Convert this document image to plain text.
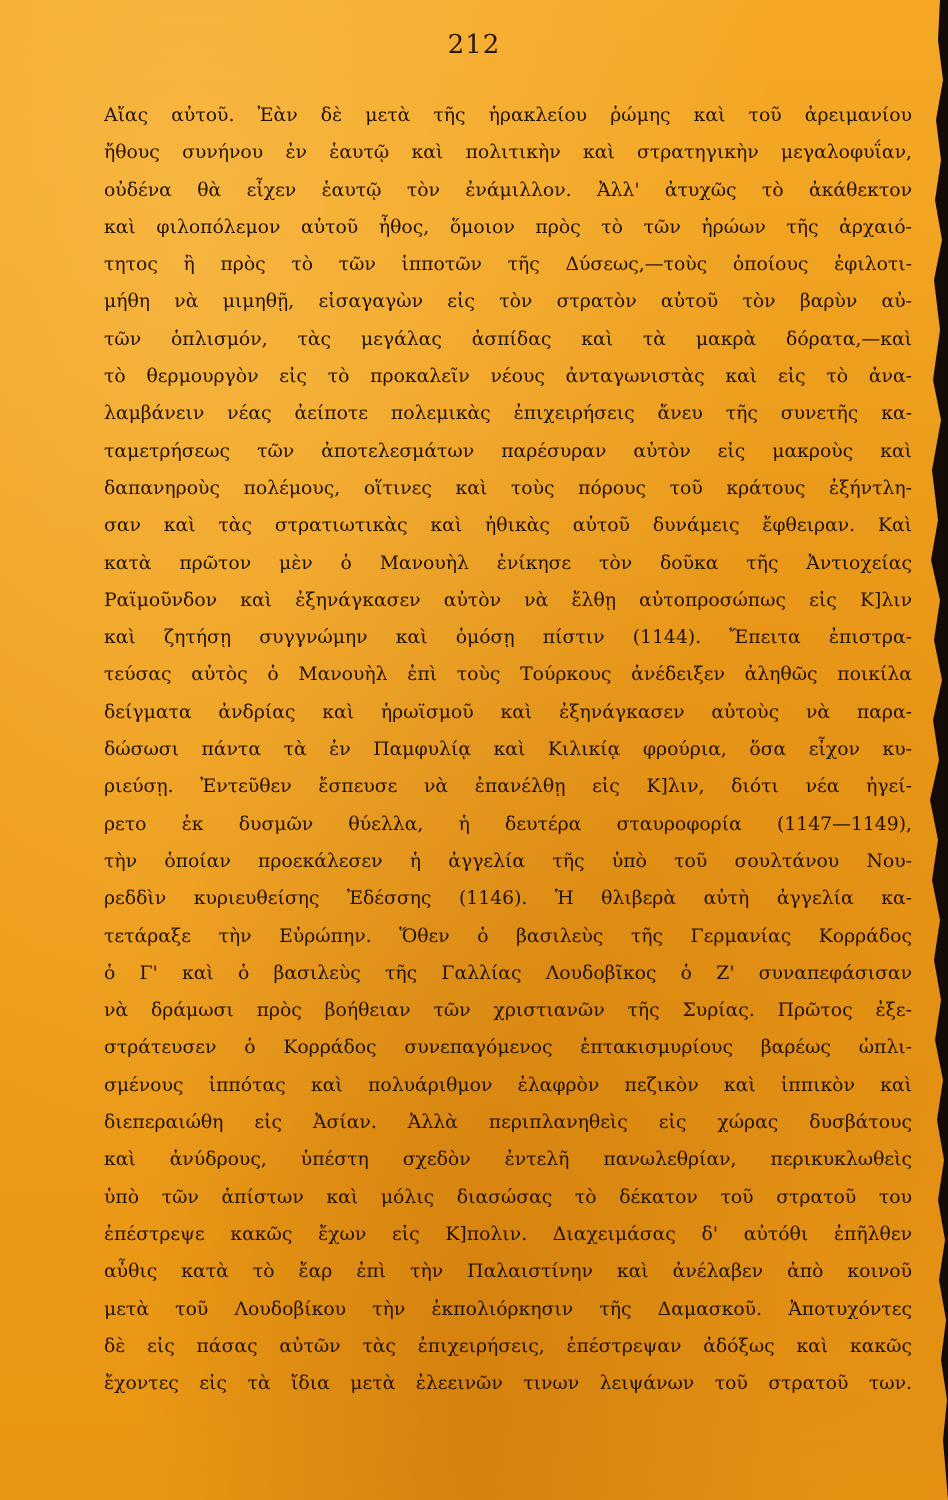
212
Αἴας αὐτοῦ. Ἐὰν δὲ μετὰ τῆς ἡρακλείου ῥώμης καὶ τοῦ ἀρειμανίου
ἤθους συνήνου ἐν ἑαυτῷ καὶ πολιτικὴν καὶ στρατηγικὴν μεγαλοφυΐαν,
οὐδένα θὰ εἶχεν ἑαυτῷ τὸν ἐνάμιλλον. Ἀλλ' ἀτυχῶς τὸ ἀκάθεκτον
καὶ φιλοπόλεμον αὐτοῦ ἦθος, ὅμοιον πρὸς τὸ τῶν ἡρώων τῆς ἀρχαιό-
τητος ἢ πρὸς τὸ τῶν ἱπποτῶν τῆς Δύσεως,—τοὺς ὁποίους ἐφιλοτι-
μήθη νὰ μιμηθῇ, εἰσαγαγὼν εἰς τὸν στρατὸν αὐτοῦ τὸν βαρὺν αὐ-
τῶν ὁπλισμόν, τὰς μεγάλας ἀσπίδας καὶ τὰ μακρὰ δόρατα,—καὶ
τὸ θερμουργὸν εἰς τὸ προκαλεῖν νέους ἀνταγωνιστὰς καὶ εἰς τὸ ἀνα-
λαμβάνειν νέας ἀείποτε πολεμικὰς ἐπιχειρήσεις ἄνευ τῆς συνετῆς κα-
ταμετρήσεως τῶν ἀποτελεσμάτων παρέσυραν αὐτὸν εἰς μακροὺς καὶ
δαπανηροὺς πολέμους, οἵτινες καὶ τοὺς πόρους τοῦ κράτους ἐξήντλη-
σαν καὶ τὰς στρατιωτικὰς καὶ ἠθικὰς αὐτοῦ δυνάμεις ἔφθειραν. Καὶ
κατὰ πρῶτον μὲν ὁ Μανουὴλ ἐνίκησε τὸν δοῦκα τῆς Ἀντιοχείας
Ραϊμοῦνδον καὶ ἐξηνάγκασεν αὐτὸν νὰ ἔλθῃ αὐτοπροσώπως εἰς Κ]λιν
καὶ ζητήσῃ συγγνώμην καὶ ὁμόσῃ πίστιν (1144). Ἔπειτα ἐπιστρα-
τεύσας αὐτὸς ὁ Μανουὴλ ἐπὶ τοὺς Τούρκους ἀνέδειξεν ἀληθῶς ποικίλα
δείγματα ἀνδρίας καὶ ἡρωϊσμοῦ καὶ ἐξηνάγκασεν αὐτοὺς νὰ παρα-
δώσωσι πάντα τὰ ἐν Παμφυλίᾳ καὶ Κιλικίᾳ φρούρια, ὅσα εἶχον κυ-
ριεύσῃ. Ἐντεῦθεν ἔσπευσε νὰ ἐπανέλθῃ εἰς Κ]λιν, διότι νέα ἠγεί-
ρετο ἐκ δυσμῶν θύελλα, ἡ δευτέρα σταυροφορία (1147—1149),
τὴν ὁποίαν προεκάλεσεν ἡ ἀγγελία τῆς ὑπὸ τοῦ σουλτάνου Νου-
ρεδδὶν κυριευθείσης Ἐδέσσης (1146). Ἡ θλιβερὰ αὐτὴ ἀγγελία κα-
τετάραξε τὴν Εὐρώπην. Ὅθεν ὁ βασιλεὺς τῆς Γερμανίας Κορράδος
ὁ Γ' καὶ ὁ βασιλεὺς τῆς Γαλλίας Λουδοβῖκος ὁ Ζ' συναπεφάσισαν
νὰ δράμωσι πρὸς βοήθειαν τῶν χριστιανῶν τῆς Συρίας. Πρῶτος ἐξε-
στράτευσεν ὁ Κορράδος συνεπαγόμενος ἑπτακισμυρίους βαρέως ὡπλι-
σμένους ἱππότας καὶ πολυάριθμον ἐλαφρὸν πεζικὸν καὶ ἱππικὸν καὶ
διεπεραιώθη εἰς Ἀσίαν. Ἀλλὰ περιπλανηθεὶς εἰς χώρας δυσβάτους
καὶ ἀνύδρους, ὑπέστη σχεδὸν ἐντελῆ πανωλεθρίαν, περικυκλωθεὶς
ὑπὸ τῶν ἀπίστων καὶ μόλις διασώσας τὸ δέκατον τοῦ στρατοῦ του
ἐπέστρεψε κακῶς ἔχων εἰς Κ]πολιν. Διαχειμάσας δ' αὐτόθι ἐπῆλθεν
αὖθις κατὰ τὸ ἔαρ ἐπὶ τὴν Παλαιστίνην καὶ ἀνέλαβεν ἀπὸ κοινοῦ
μετὰ τοῦ Λουδοβίκου τὴν ἐκπολιόρκησιν τῆς Δαμασκοῦ. Ἀποτυχόντες
δὲ εἰς πάσας αὐτῶν τὰς ἐπιχειρήσεις, ἐπέστρεψαν ἀδόξως καὶ κακῶς
ἔχοντες εἰς τὰ ἴδια μετὰ ἐλεεινῶν τινων λειψάνων τοῦ στρατοῦ των.
